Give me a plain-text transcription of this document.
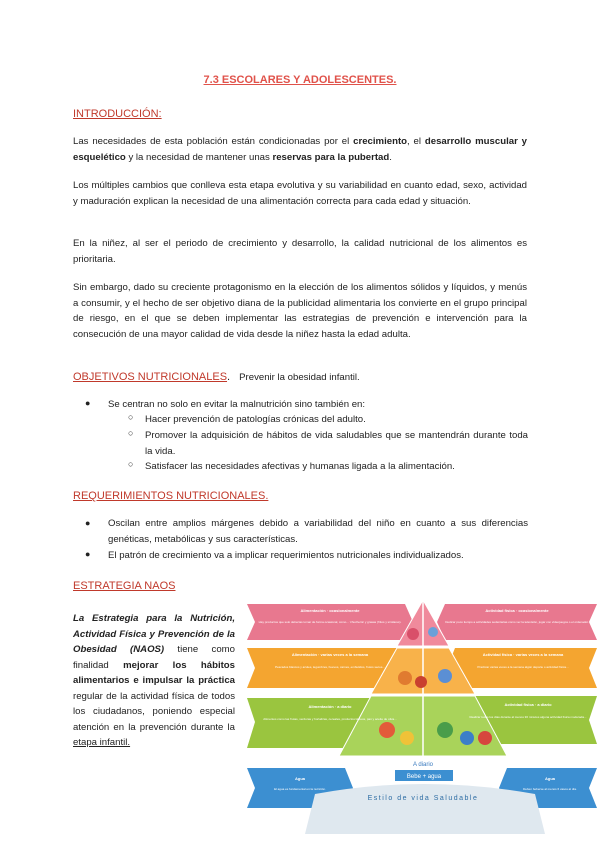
7.3 ESCOLARES Y ADOLESCENTES.
INTRODUCCIÓN:
Las necesidades de esta población están condicionadas por el crecimiento, el desarrollo muscular y esquelético y la necesidad de mantener unas reservas para la pubertad.
Los múltiples cambios que conlleva esta etapa evolutiva y su variabilidad en cuanto edad, sexo, actividad y maduración explican la necesidad de una alimentación correcta para cada edad y situación.
En la niñez, al ser el periodo de crecimiento y desarrollo, la calidad nutricional de los alimentos es prioritaria.
Sin embargo, dado su creciente protagonismo en la elección de los alimentos sólidos y líquidos, y menús a consumir, y el hecho de ser objetivo diana de la publicidad alimentaria los convierte en el grupo principal de riesgo, en el que se deben implementar las estrategias de prevención e intervención para la consecución de una mayor calidad de vida desde la niñez hasta la edad adulta.
OBJETIVOS NUTRICIONALES. Prevenir la obesidad infantil.
● Se centran no solo en evitar la malnutrición sino también en:
○ Hacer prevención de patologías crónicas del adulto.
○ Promover la adquisición de hábitos de vida saludables que se mantendrán durante toda la vida.
○ Satisfacer las necesidades afectivas y humanas ligada a la alimentación.
REQUERIMIENTOS NUTRICIONALES.
● Oscilan entre amplios márgenes debido a variabilidad del niño en cuanto a sus diferencias genéticas, metabólicas y sus características.
● El patrón de crecimiento va a implicar requerimientos nutricionales individualizados.
ESTRATEGIA NAOS
La Estrategia para la Nutrición, Actividad Física y Prevención de la Obesidad (NAOS) tiene como finalidad mejorar los hábitos alimentarios e impulsar la práctica regular de la actividad física de todos los ciudadanos, poniendo especial atención en la prevención durante la etapa infantil.
Alimentación · ocasionalmente
Hay productos que solo deberías tomar de forma ocasional, como... 'chuchería' y grasas (fritos y similares).
Alimentación · varias veces a la semana
Pescados blancos y azules, legumbres, huevos, carnes, embutidos, frutos secos...
Alimentación · a diario
Alimentos como las frutas, verduras y hortalizas, cereales, productos lácteos, pan y aceite de oliva...
Agua
El agua es fundamental en la nutrición.
Actividad física · ocasionalmente
Dedicar poco tiempo a actividades sedentarias como ver la televisión, jugar con videojuegos o el ordenador.
Actividad física · varias veces a la semana
Practicar varias veces a la semana algún deporte o actividad física...
Actividad física · a diario
Realizar todos los días durante al menos 30 minutos alguna actividad física moderada...
Agua
Deben beberse al menos 6 vasos al día.
A diario
Bebe + agua
Estilo de vida Saludable
